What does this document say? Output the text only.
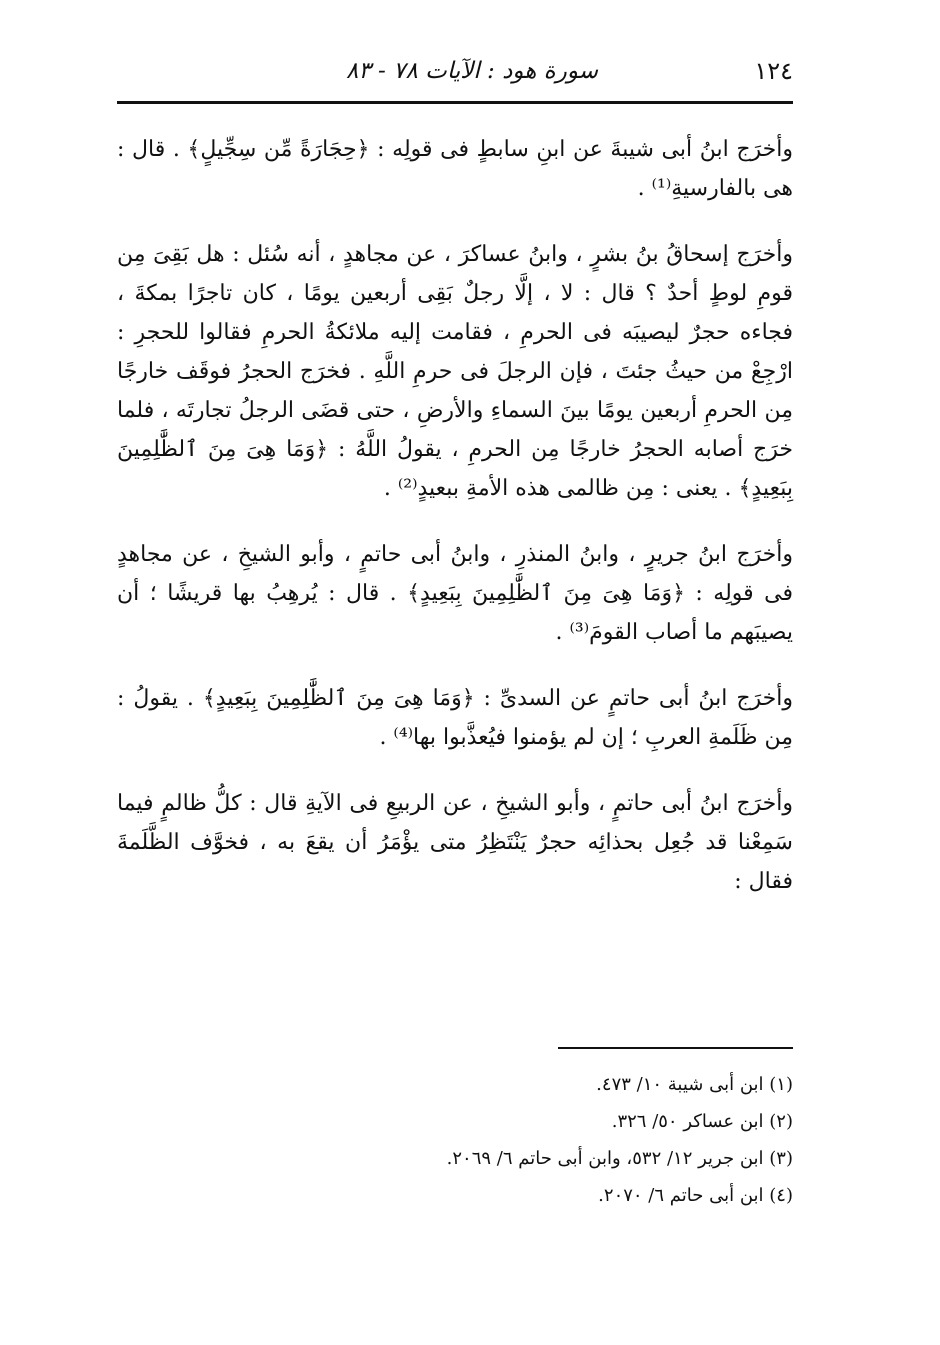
١٢٤
سورة هود : الآيات ٧٨ - ٨٣

وأخرَج ابنُ أبى شيبةَ عن ابنِ سابطٍ فى قولِه : ﴿حِجَارَةً مِّن سِجِّيلٍ﴾ . قال : هى بالفارسيةِ⁽¹⁾ .

وأخرَج إسحاقُ بنُ بشرٍ ، وابنُ عساكرَ ، عن مجاهدٍ ، أنه سُئل : هل بَقِىَ مِن قومِ لوطٍ أحدٌ ؟ قال : لا ، إلَّا رجلٌ بَقِى أربعين يومًا ، كان تاجرًا بمكةَ ، فجاءه حجرٌ ليصيبَه فى الحرمِ ، فقامت إليه ملائكةُ الحرمِ فقالوا للحجرِ : ارْجِعْ من حيثُ جئتَ ، فإن الرجلَ فى حرمِ اللَّهِ . فخرَج الحجرُ فوقَف خارجًا مِن الحرمِ أربعين يومًا بينَ السماءِ والأرضِ ، حتى قضَى الرجلُ تجارتَه ، فلما خرَج أصابه الحجرُ خارجًا مِن الحرمِ ، يقولُ اللَّهُ : ﴿وَمَا هِىَ مِنَ ٱلظَّٰلِمِينَ بِبَعِيدٍ﴾ . يعنى : مِن ظالمى هذه الأمةِ ببعيدٍ⁽²⁾ .

وأخرَج ابنُ جريرٍ ، وابنُ المنذرِ ، وابنُ أبى حاتمٍ ، وأبو الشيخِ ، عن مجاهدٍ فى قولِه : ﴿وَمَا هِىَ مِنَ ٱلظَّٰلِمِينَ بِبَعِيدٍ﴾ . قال : يُرهِبُ بها قريشًا ؛ أن يصيبَهم ما أصاب القومَ⁽³⁾ .

وأخرَج ابنُ أبى حاتمٍ عن السدىِّ : ﴿وَمَا هِىَ مِنَ ٱلظَّٰلِمِينَ بِبَعِيدٍ﴾ . يقولُ : مِن ظَلَمةِ العربِ ؛ إن لم يؤمنوا فيُعذَّبوا بها⁽⁴⁾ .

وأخرَج ابنُ أبى حاتمٍ ، وأبو الشيخِ ، عن الربيعِ فى الآيةِ قال : كلُّ ظالمٍ فيما سَمِعْنا قد جُعِل بحذائِه حجرٌ يَنْتَظِرُ متى يؤْمَرُ أن يقعَ به ، فخوَّف الظَّلَمةَ فقال :

(١) ابن أبى شيبة ١٠/ ٤٧٣.

(٢) ابن عساكر ٥٠/ ٣٢٦.

(٣) ابن جرير ١٢/ ٥٣٢، وابن أبى حاتم ٦/ ٢٠٦٩.

(٤) ابن أبى حاتم ٦/ ٢٠٧٠.
